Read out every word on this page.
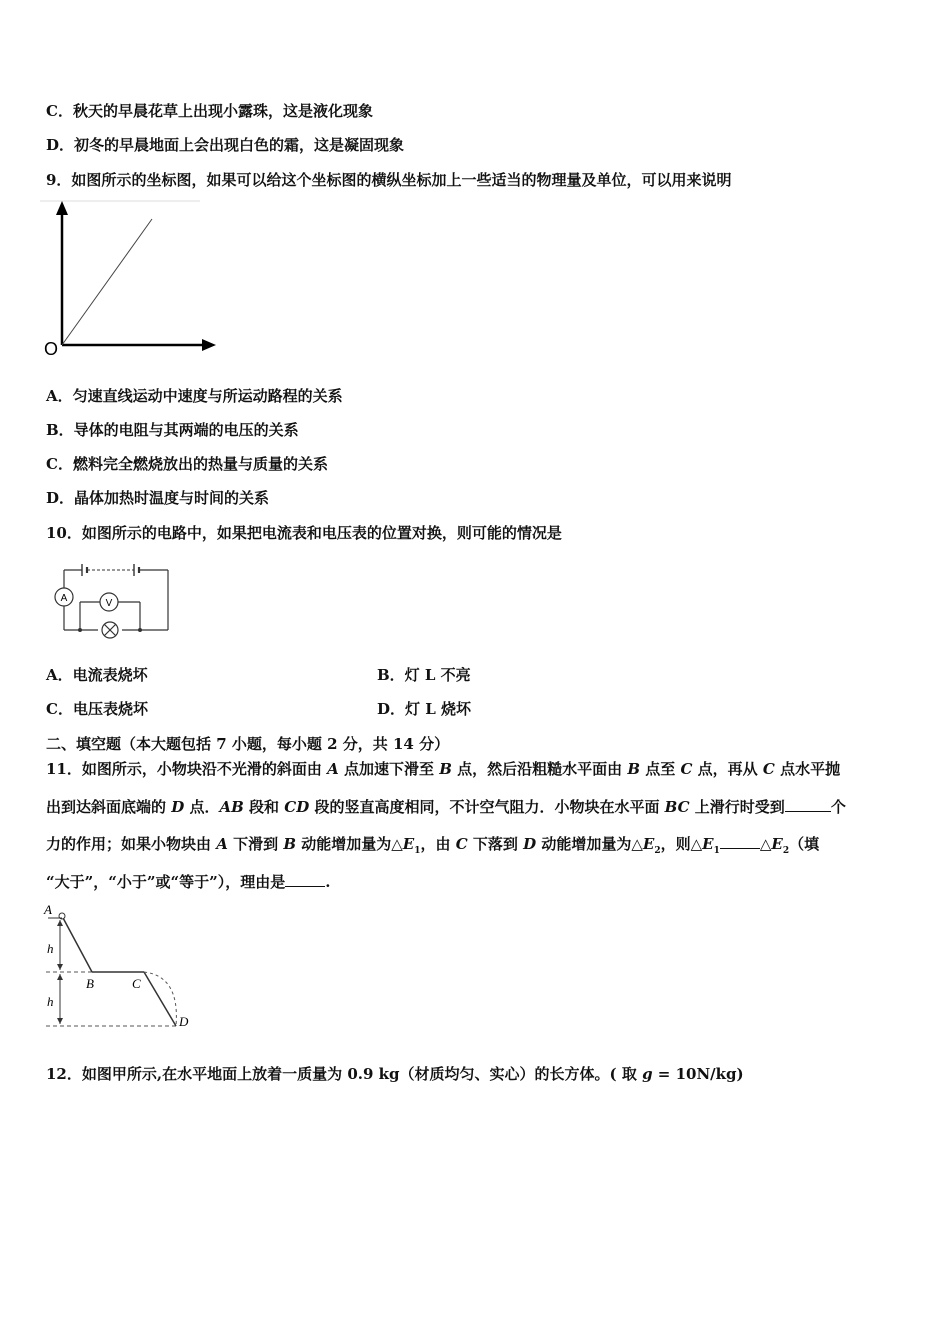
C．秋天的早晨花草上出现小露珠，这是液化现象
D．初冬的早晨地面上会出现白色的霜，这是凝固现象
9．如图所示的坐标图，如果可以给这个坐标图的横纵坐标加上一些适当的物理量及单位，可以用来说明
O
A．匀速直线运动中速度与所运动路程的关系
B．导体的电阻与其两端的电压的关系
C．燃料完全燃烧放出的热量与质量的关系
D．晶体加热时温度与时间的关系
10．如图所示的电路中，如果把电流表和电压表的位置对换，则可能的情况是
A	V
A．电流表烧坏	B．灯 L 不亮
C．电压表烧坏	D．灯 L 烧坏
二、填空题（本大题包括 7 小题，每小题 2 分，共 14 分）
11．如图所示，小物块沿不光滑的斜面由 A 点加速下滑至 B 点，然后沿粗糙水平面由 B 点至 C 点，再从 C 点水平抛
出到达斜面底端的 D 点．AB 段和 CD 段的竖直高度相同，不计空气阻力．小物块在水平面 BC 上滑行时受到	个
力的作用；如果小物块由 A 下滑到 B 动能增加量为$\triangle E_1$，由 C 下落到 D 动能增加量为$\triangle E_2$，则$\triangle E_1$	$\triangle E_2$（填
“大于”，“小于”或“等于”），理由是	.
A
B	C
D
h
h
12．如图甲所示,在水平地面上放着一质量为 0.9 kg（材质均匀、实心）的长方体。( 取 g = 10N/kg)
